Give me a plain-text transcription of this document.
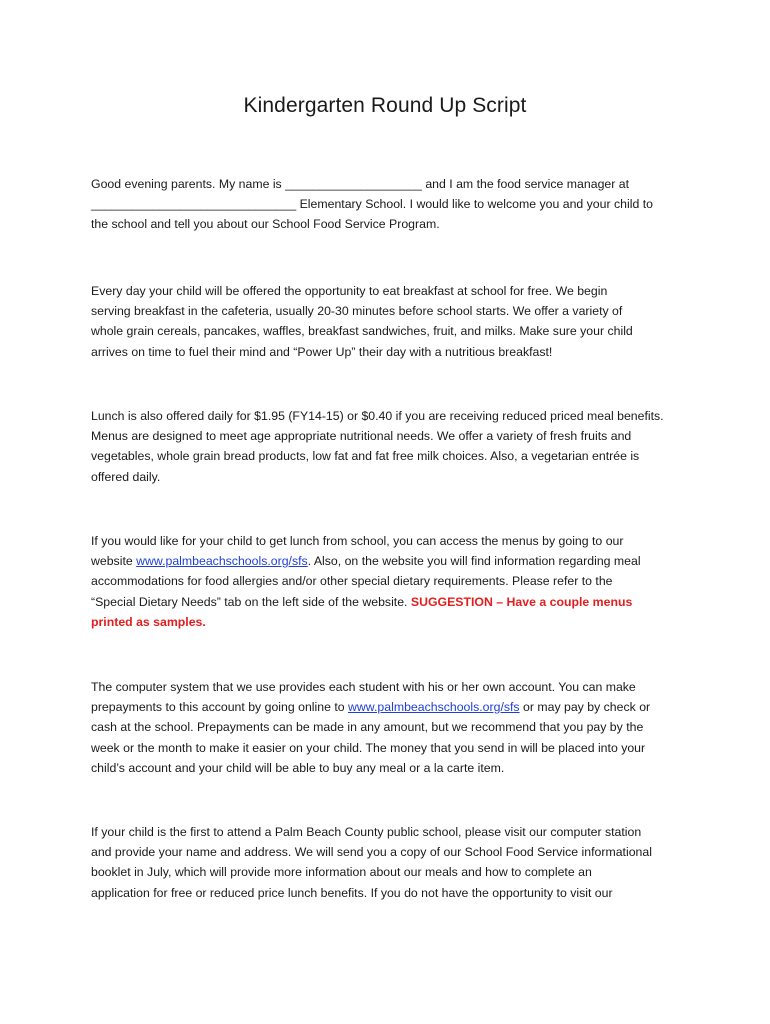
Kindergarten Round Up Script

Good evening parents. My name is ____________________ and I am the food service manager at
______________________________ Elementary School. I would like to welcome you and your child to
the school and tell you about our School Food Service Program.

Every day your child will be offered the opportunity to eat breakfast at school for free. We begin
serving breakfast in the cafeteria, usually 20-30 minutes before school starts. We offer a variety of
whole grain cereals, pancakes, waffles, breakfast sandwiches, fruit, and milks. Make sure your child
arrives on time to fuel their mind and “Power Up” their day with a nutritious breakfast!

Lunch is also offered daily for $1.95 (FY14-15) or $0.40 if you are receiving reduced priced meal benefits.
Menus are designed to meet age appropriate nutritional needs. We offer a variety of fresh fruits and
vegetables, whole grain bread products, low fat and fat free milk choices. Also, a vegetarian entrée is
offered daily.

If you would like for your child to get lunch from school, you can access the menus by going to our
website www.palmbeachschools.org/sfs. Also, on the website you will find information regarding meal
accommodations for food allergies and/or other special dietary requirements. Please refer to the
“Special Dietary Needs” tab on the left side of the website. SUGGESTION – Have a couple menus
printed as samples.

The computer system that we use provides each student with his or her own account. You can make
prepayments to this account by going online to www.palmbeachschools.org/sfs or may pay by check or
cash at the school. Prepayments can be made in any amount, but we recommend that you pay by the
week or the month to make it easier on your child. The money that you send in will be placed into your
child’s account and your child will be able to buy any meal or a la carte item.

If your child is the first to attend a Palm Beach County public school, please visit our computer station
and provide your name and address. We will send you a copy of our School Food Service informational
booklet in July, which will provide more information about our meals and how to complete an
application for free or reduced price lunch benefits. If you do not have the opportunity to visit our
